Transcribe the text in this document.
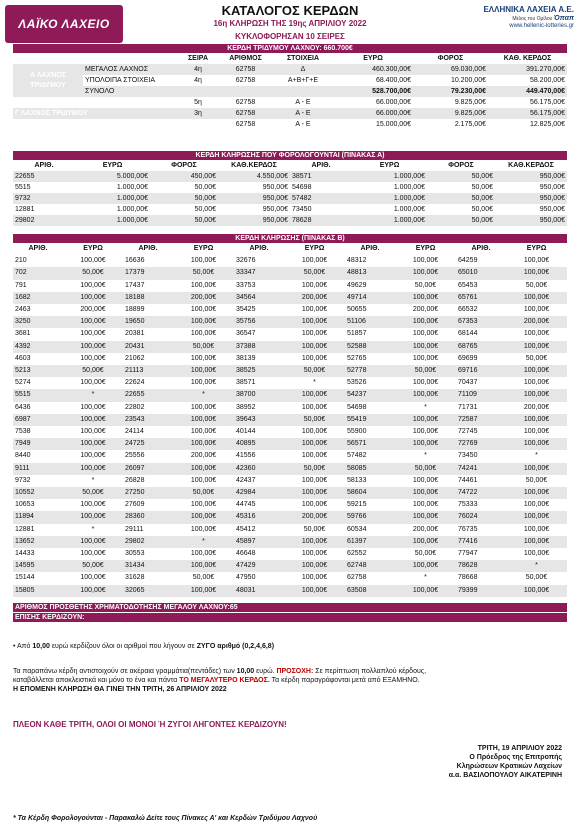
ΛΑΪΚΟ ΛΑΧΕΙΟ
ΚΑΤΑΛΟΓΟΣ ΚΕΡΔΩΝ
16η ΚΛΗΡΩΣΗ ΤΗΣ 19ης ΑΠΡΙΛΙΟΥ 2022
ΚΥΚΛΟΦΟΡΗΣΑΝ 10 ΣΕΙΡΕΣ
ΕΛΛΗΝΙΚΑ ΛΑΧΕΙΑ Α.Ε.
Μέλος του Ομίλου Όπαπ
www.hellenic-lotteries.gr
ΚΕΡΔΗ ΤΡΙΔΥΜΟΥ ΛΑΧΝΟΥ: 660.700€
		ΣΕΙΡΑ	ΑΡΙΘΜΟΣ	ΣΤΟΙΧΕΙΑ	ΕΥΡΩ	ΦΟΡΟΣ	ΚΑΘ. ΚΕΡΔΟΣ
Α ΛΑΧΝΟΣ ΤΡΙΔΥΜΟΥ	ΜΕΓΑΛΟΣ ΛΑΧΝΟΣ	4η	62758	Δ	460.300,00€	69.030,00€	391.270,00€
	ΥΠΟΛΟΙΠΑ ΣΤΟΙΧΕΙΑ	4η	62758	Α+Β+Γ+Ε	68.400,00€	10.200,00€	58.200,00€
	ΣΥΝΟΛΟ				528.700,00€	79.230,00€	449.470,00€
Β ΛΑΧΝΟΣ ΤΡΙΔΥΜΟΥ		5η	62758	Α - Ε	66.000,00€	9.825,00€	56.175,00€
Γ ΛΑΧΝΟΣ ΤΡΙΔΥΜΟΥ		3η	62758	Α - Ε	66.000,00€	9.825,00€	56.175,00€
ΣΕ ΟΛΕΣ ΤΙΣ ΑΛΛΕΣ ΣΕΙΡΕΣ			62758	Α - Ε	15.000,00€	2.175,00€	12.825,00€
ΚΕΡΔΗ ΚΛΗΡΩΣΗΣ ΠΟΥ ΦΟΡΟΛΟΓΟΥΝΤΑΙ (ΠΙΝΑΚΑΣ Α)
ΑΡΙΘ.	ΕΥΡΩ	ΦΟΡΟΣ	ΚΑΘ.ΚΕΡΔΟΣ	ΑΡΙΘ.	ΕΥΡΩ	ΦΟΡΟΣ	ΚΑΘ.ΚΕΡΔΟΣ
22655	5.000,00€	450,00€	4.550,00€	38571	1.000,00€	50,00€	950,00€
5515	1.000,00€	50,00€	950,00€	54698	1.000,00€	50,00€	950,00€
9732	1.000,00€	50,00€	950,00€	57482	1.000,00€	50,00€	950,00€
12881	1.000,00€	50,00€	950,00€	73450	1.000,00€	50,00€	950,00€
29802	1.000,00€	50,00€	950,00€	78628	1.000,00€	50,00€	950,00€
ΚΕΡΔΗ ΚΛΗΡΩΣΗΣ (ΠΙΝΑΚΑΣ Β)
ΑΡΙΘ.	ΕΥΡΩ	ΑΡΙΘ.	ΕΥΡΩ	ΑΡΙΘ.	ΕΥΡΩ	ΑΡΙΘ.	ΕΥΡΩ	ΑΡΙΘ.	ΕΥΡΩ
210	100,00€	16636	100,00€	32676	100,00€	48312	100,00€	64259	100,00€
702	50,00€	17379	50,00€	33347	50,00€	48813	100,00€	65010	100,00€
791	100,00€	17437	100,00€	33753	100,00€	49629	50,00€	65453	50,00€
1682	100,00€	18188	200,00€	34564	200,00€	49714	100,00€	65761	100,00€
2463	200,00€	18899	100,00€	35425	100,00€	50655	200,00€	66532	100,00€
3250	100,00€	19650	100,00€	35756	100,00€	51106	100,00€	67353	200,00€
3681	100,00€	20381	100,00€	36547	100,00€	51857	100,00€	68144	100,00€
4392	100,00€	20431	50,00€	37388	100,00€	52588	100,00€	68765	100,00€
4603	100,00€	21062	100,00€	38139	100,00€	52765	100,00€	69699	50,00€
5213	50,00€	21113	100,00€	38525	50,00€	52778	50,00€	69716	100,00€
5274	100,00€	22624	100,00€	38571	*	53526	100,00€	70437	100,00€
5515	*	22655	*	38700	100,00€	54237	100,00€	71109	100,00€
6436	100,00€	22802	100,00€	38952	100,00€	54698	*	71731	200,00€
6987	100,00€	23543	100,00€	39643	50,00€	55419	100,00€	72587	100,00€
7538	100,00€	24114	100,00€	40144	100,00€	55900	100,00€	72745	100,00€
7949	100,00€	24725	100,00€	40895	100,00€	56571	100,00€	72769	100,00€
8440	100,00€	25556	200,00€	41556	100,00€	57482	*	73450	*
9111	100,00€	26097	100,00€	42360	50,00€	58085	50,00€	74241	100,00€
9732	*	26828	100,00€	42437	100,00€	58133	100,00€	74461	50,00€
10552	50,00€	27250	50,00€	42984	100,00€	58604	100,00€	74722	100,00€
10653	100,00€	27609	100,00€	44745	100,00€	59215	100,00€	75333	100,00€
11894	100,00€	28360	100,00€	45316	200,00€	59766	100,00€	76024	100,00€
12881	*	29111	100,00€	45412	50,00€	60534	200,00€	76735	100,00€
13652	100,00€	29802	*	45897	100,00€	61397	100,00€	77416	100,00€
14433	100,00€	30553	100,00€	46648	100,00€	62552	50,00€	77947	100,00€
14595	50,00€	31434	100,00€	47429	100,00€	62748	100,00€	78628	*
15144	100,00€	31628	50,00€	47950	100,00€	62758	*	78668	50,00€
15805	100,00€	32065	100,00€	48031	100,00€	63508	100,00€	79399	100,00€
ΑΡΙΘΜΟΣ ΠΡΟΣΘΕΤΗΣ ΧΡΗΜΑΤΟΔΟΤΗΣΗΣ ΜΕΓΑΛΟΥ ΛΑΧΝΟΥ:65
ΕΠΙΣΗΣ ΚΕΡΔΙΖΟΥΝ:
• Από 10,00 ευρώ κερδίζουν όλοι οι αριθμοί που λήγουν σε ΖΥΓΟ αριθμό (0,2,4,6,8)
Τα παραπάνω κέρδη αντιστοιχούν σε ακέραια γραμμάτια(πεντάδες) των 10,00 ευρώ. ΠΡΟΣΟΧΗ: Σε περίπτωση πολλαπλού κέρδους,
καταβάλλεται αποκλειστικά και μόνο το ένα και πάντα ΤΟ ΜΕΓΑΛΥΤΕΡΟ ΚΕΡΔΟΣ. Τα κέρδη παραγράφονται μετά από ΕΞΑΜΗΝΟ.
Η ΕΠΟΜΕΝΗ ΚΛΗΡΩΣΗ ΘΑ ΓΙΝΕΙ ΤΗΝ ΤΡΙΤΗ, 26 ΑΠΡΙΛΙΟΥ 2022
ΠΛΕΟΝ ΚΑΘΕ ΤΡΙΤΗ, ΟΛΟΙ ΟΙ ΜΟΝΟΙ Ή ΖΥΓΟΙ ΛΗΓΟΝΤΕΣ ΚΕΡΔΙΖΟΥΝ!
ΤΡΙΤΗ, 19 ΑΠΡΙΛΙΟΥ 2022
Ο Πρόεδρος της Επιτροπής
Κληρώσεων Κρατικών Λαχείων
α.α. ΒΑΣΙΛΟΠΟΥΛΟΥ ΑΙΚΑΤΕΡΙΝΗ
* Τα Κέρδη Φορολογούνται - Παρακαλώ Δείτε τους Πίνακες Α' και Κερδών Τριδύμου Λαχνού
